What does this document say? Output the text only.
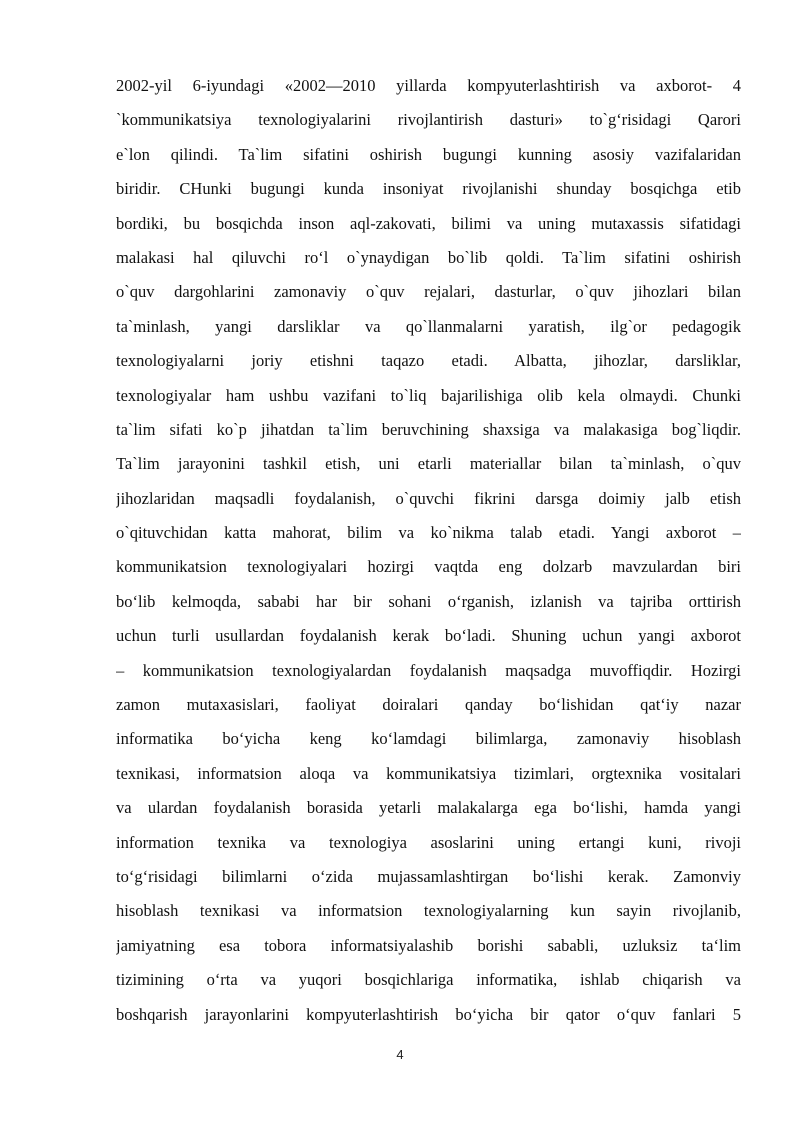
2002-yil 6-iyundagi «2002—2010 yillarda kompyuterlashtirish va axborot- 4
`kommunikatsiya texnologiyalarini rivojlantirish dasturi» to`g‘risidagi Qarori
e`lon qilindi. Ta`lim sifatini oshirish bugungi kunning asosiy vazifalaridan
biridir. CHunki bugungi kunda insoniyat rivojlanishi shunday bosqichga etib
bordiki, bu bosqichda inson aql-zakovati, bilimi va uning mutaxassis sifatidagi
malakasi hal qiluvchi ro‘l o`ynaydigan bo`lib qoldi. Ta`lim sifatini oshirish
o`quv dargohlarini zamonaviy o`quv rejalari, dasturlar, o`quv jihozlari bilan
ta`minlash, yangi darsliklar va qo`llanmalarni yaratish, ilg`or pedagogik
texnologiyalarni joriy etishni taqazo etadi. Albatta, jihozlar, darsliklar,
texnologiyalar ham ushbu vazifani to`liq bajarilishiga olib kela olmaydi. Chunki
ta`lim sifati ko`p jihatdan ta`lim beruvchining shaxsiga va malakasiga bog`liqdir.
Ta`lim jarayonini tashkil etish, uni etarli materiallar bilan ta`minlash, o`quv
jihozlaridan maqsadli foydalanish, o`quvchi fikrini darsga doimiy jalb etish
o`qituvchidan katta mahorat, bilim va ko`nikma talab etadi. Yangi axborot –
kommunikatsion texnologiyalari hozirgi vaqtda eng dolzarb mavzulardan biri
bo‘lib kelmoqda, sababi har bir sohani o‘rganish, izlanish va tajriba orttirish
uchun turli usullardan foydalanish kerak bo‘ladi. Shuning uchun yangi axborot
– kommunikatsion texnologiyalardan foydalanish maqsadga muvoffiqdir. Hozirgi
zamon mutaxasislari, faoliyat doiralari qanday bo‘lishidan qat‘iy nazar
informatika bo‘yicha keng ko‘lamdagi bilimlarga, zamonaviy hisoblash
texnikasi, informatsion aloqa va kommunikatsiya tizimlari, orgtexnika vositalari
va ulardan foydalanish borasida yetarli malakalarga ega bo‘lishi, hamda yangi
information texnika va texnologiya asoslarini uning ertangi kuni, rivoji
to‘g‘risidagi bilimlarni o‘zida mujassamlashtirgan bo‘lishi kerak. Zamonviy
hisoblash texnikasi va informatsion texnologiyalarning kun sayin rivojlanib,
jamiyatning esa tobora informatsiyalashib borishi sababli, uzluksiz ta‘lim
tizimining o‘rta va yuqori bosqichlariga informatika, ishlab chiqarish va
boshqarish jarayonlarini kompyuterlashtirish bo‘yicha bir qator o‘quv fanlari 5
4
